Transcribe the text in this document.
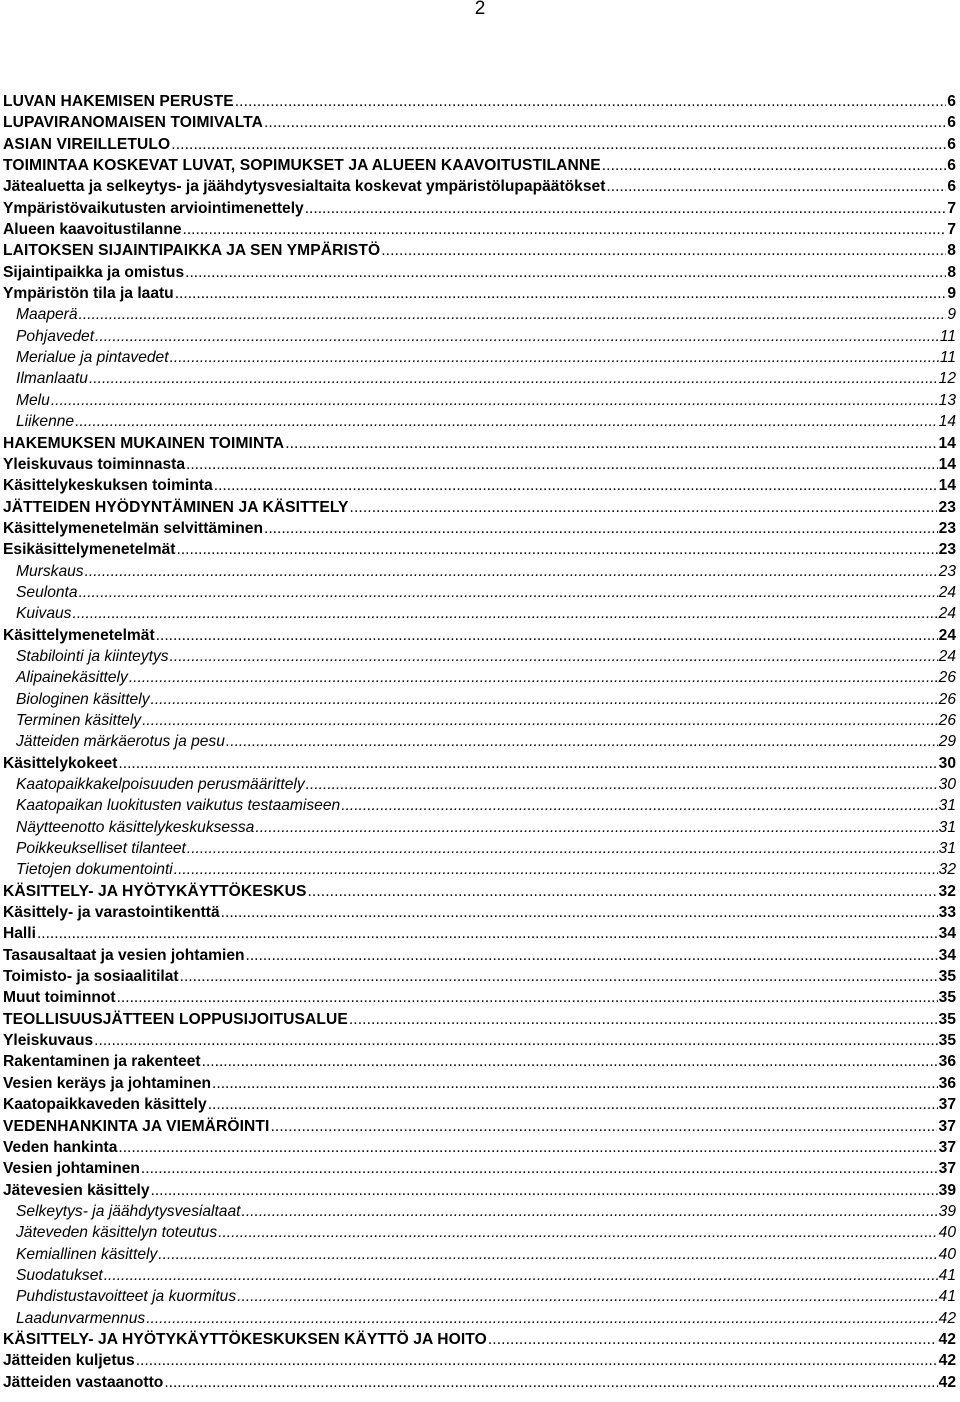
2
LUVAN HAKEMISEN PERUSTE .....	6
LUPAVIRANOMAISEN TOIMIVALTA .....	6
ASIAN VIREILLETULO .....	6
TOIMINTAA KOSKEVAT LUVAT, SOPIMUKSET JA ALUEEN KAAVOITUSTILANNE .....	6
Jätealuetta ja selkeytys- ja jäähdytysvesialtaita koskevat ympäristölupapäätökset .....	6
Ympäristövaikutusten arviointimenettely .....	7
Alueen kaavoitustilanne .....	7
LAITOKSEN SIJAINTIPAIKKA JA SEN YMPÄRISTÖ .....	8
Sijaintipaikka ja omistus .....	8
Ympäristön tila ja laatu .....	9
Maaperä .....	9
Pohjavedet .....	11
Merialue ja pintavedet .....	11
Ilmanlaatu .....	12
Melu .....	13
Liikenne .....	14
HAKEMUKSEN MUKAINEN TOIMINTA .....	14
Yleiskuvaus toiminnasta .....	14
Käsittelykeskuksen toiminta .....	14
JÄTTEIDEN HYÖDYNTÄMINEN JA KÄSITTELY .....	23
Käsittelymenetelmän selvittäminen .....	23
Esikäsittelymenetelmät .....	23
Murskaus .....	23
Seulonta .....	24
Kuivaus .....	24
Käsittelymenetelmät .....	24
Stabilointi ja kiinteytys .....	24
Alipainekäsittely .....	26
Biologinen käsittely .....	26
Terminen käsittely .....	26
Jätteiden märkäerotus ja pesu .....	29
Käsittelykokeet .....	30
Kaatopaikkakelpoisuuden perusmäärittely .....	30
Kaatopaikan luokitusten vaikutus testaamiseen .....	31
Näytteenotto käsittelykeskuksessa .....	31
Poikkeukselliset tilanteet .....	31
Tietojen dokumentointi .....	32
KÄSITTELY- JA HYÖTYKÄYTTÖKESKUS .....	32
Käsittely- ja varastointikenttä .....	33
Halli .....	34
Tasausaltaat ja vesien johtamien .....	34
Toimisto- ja sosiaalitilat .....	35
Muut toiminnot .....	35
TEOLLISUUSJÄTTEEN LOPPUSIJOITUSALUE .....	35
Yleiskuvaus .....	35
Rakentaminen ja rakenteet .....	36
Vesien keräys ja johtaminen .....	36
Kaatopaikkaveden käsittely .....	37
VEDENHANKINTA JA VIEMÄRÖINTI .....	37
Veden hankinta .....	37
Vesien johtaminen .....	37
Jätevesien käsittely .....	39
Selkeytys- ja jäähdytysvesialtaat .....	39
Jäteveden käsittelyn toteutus .....	40
Kemiallinen käsittely .....	40
Suodatukset .....	41
Puhdistustavoitteet ja kuormitus .....	41
Laadunvarmennus .....	42
KÄSITTELY- JA HYÖTYKÄYTTÖKESKUKSEN KÄYTTÖ JA HOITO .....	42
Jätteiden kuljetus .....	42
Jätteiden vastaanotto .....	42
